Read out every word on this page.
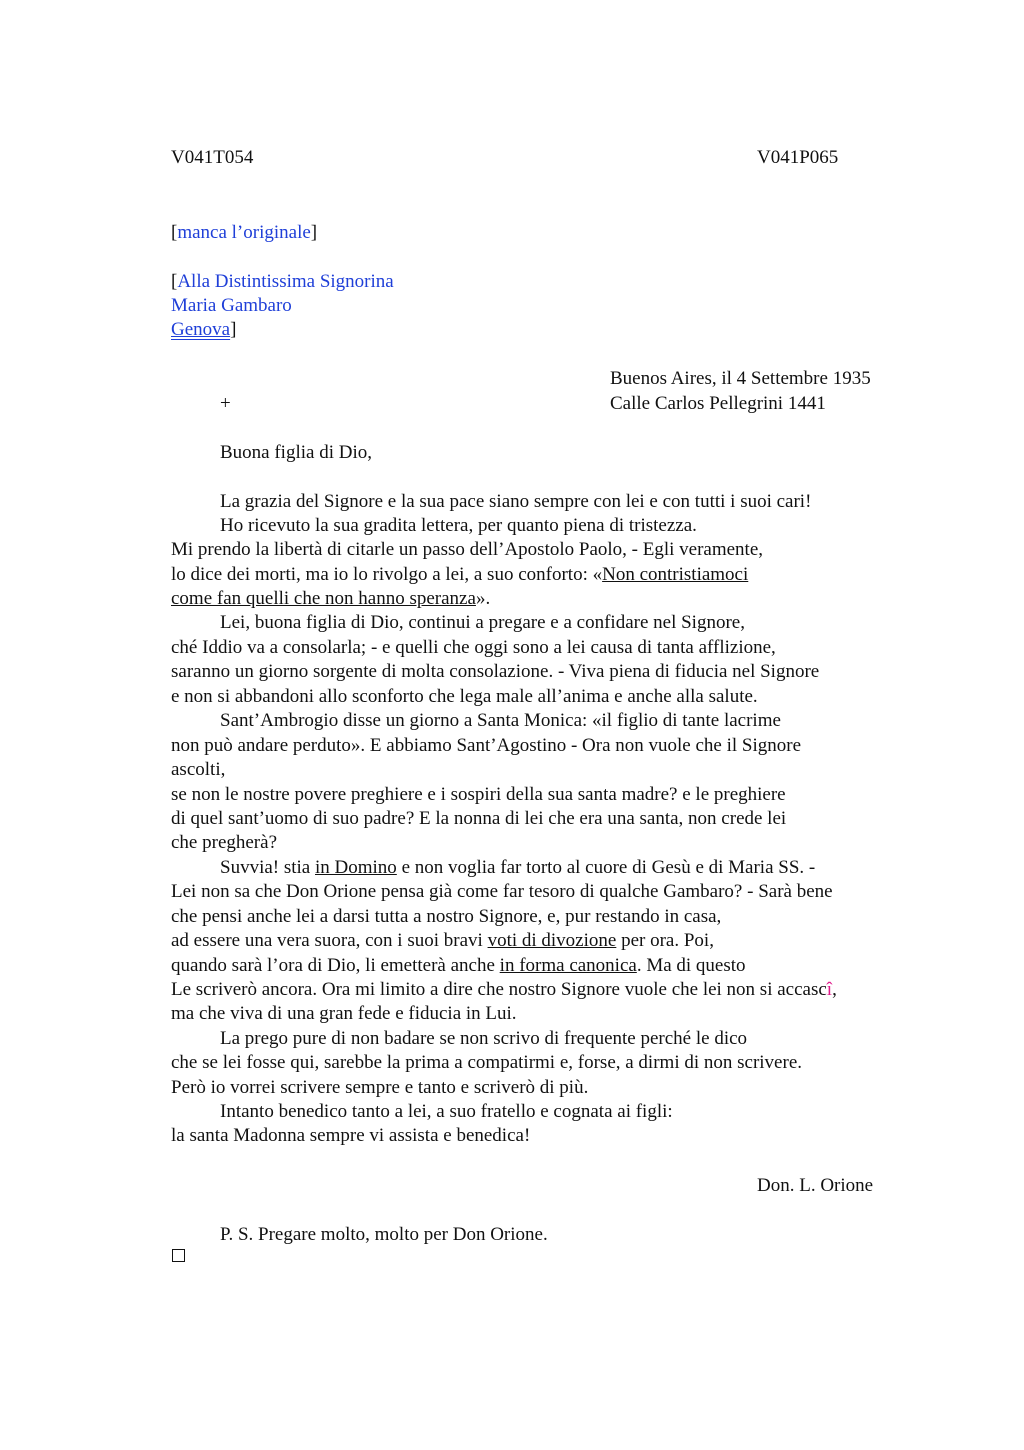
V041T054	V041P065
[manca l’originale]
[Alla Distintissima Signorina
Maria Gambaro
Genova]
Buenos Aires, il 4 Settembre 1935
+	Calle Carlos Pellegrini 1441
Buona figlia di Dio,
La grazia del Signore e la sua pace siano sempre con lei e con tutti i suoi cari!
Ho ricevuto la sua gradita lettera, per quanto piena di tristezza.
Mi prendo la libertà di citarle un passo dell’Apostolo Paolo, - Egli veramente,
lo dice dei morti, ma io lo rivolgo a lei, a suo conforto: «Non contristiamoci
come fan quelli che non hanno speranza».
Lei, buona figlia di Dio, continui a pregare e a confidare nel Signore,
ché Iddio va a consolarla; - e quelli che oggi sono a lei causa di tanta afflizione,
saranno un giorno sorgente di molta consolazione. - Viva piena di fiducia nel Signore
e non si abbandoni allo sconforto che lega male all’anima e anche alla salute.
Sant’Ambrogio disse un giorno a Santa Monica: «il figlio di tante lacrime
non può andare perduto». E abbiamo Sant’Agostino - Ora non vuole che il Signore
ascolti,
se non le nostre povere preghiere e i sospiri della sua santa madre? e le preghiere
di quel sant’uomo di suo padre? E la nonna di lei che era una santa, non crede lei
che pregherà?
Suvvia! stia in Domino e non voglia far torto al cuore di Gesù e di Maria SS. -
Lei non sa che Don Orione pensa già come far tesoro di qualche Gambaro? - Sarà bene
che pensi anche lei a darsi tutta a nostro Signore, e, pur restando in casa,
ad essere una vera suora, con i suoi bravi voti di divozione per ora. Poi,
quando sarà l’ora di Dio, li emetterà anche in forma canonica. Ma di questo
Le scriverò ancora. Ora mi limito a dire che nostro Signore vuole che lei non si accascî,
ma che viva di una gran fede e fiducia in Lui.
La prego pure di non badare se non scrivo di frequente perché le dico
che se lei fosse qui, sarebbe la prima a compatirmi e, forse, a dirmi di non scrivere.
Però io vorrei scrivere sempre e tanto e scriverò di più.
Intanto benedico tanto a lei, a suo fratello e cognata ai figli:
la santa Madonna sempre vi assista e benedica!
Don. L. Orione
P. S. Pregare molto, molto per Don Orione.
